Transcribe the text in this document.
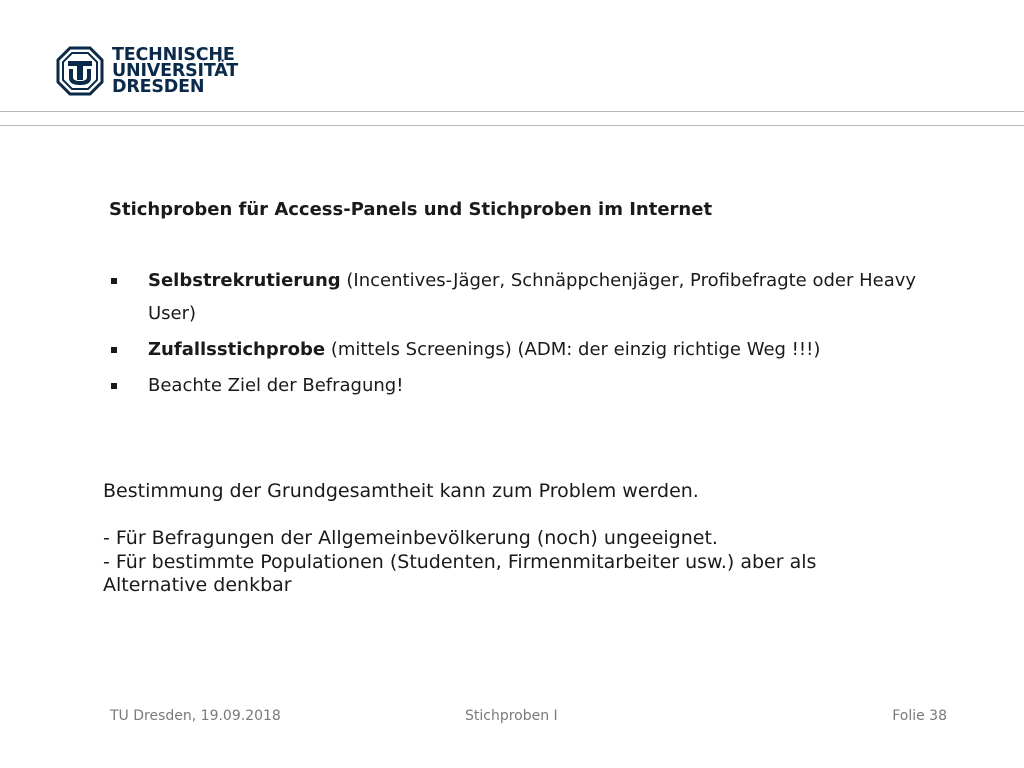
TECHNISCHE
UNIVERSITÄT
DRESDEN
Stichproben für Access-Panels und Stichproben im Internet
Selbstrekrutierung (Incentives-Jäger, Schnäppchenjäger, Profibefragte oder Heavy User)
Zufallsstichprobe (mittels Screenings) (ADM: der einzig richtige Weg !!!)
Beachte Ziel der Befragung!

Bestimmung der Grundgesamtheit kann zum Problem werden.

- Für Befragungen der Allgemeinbevölkerung (noch) ungeeignet.

- Für bestimmte Populationen (Studenten, Firmenmitarbeiter usw.) aber als

Alternative denkbar

TU Dresden, 19.09.2018	Stichproben I	Folie 38
